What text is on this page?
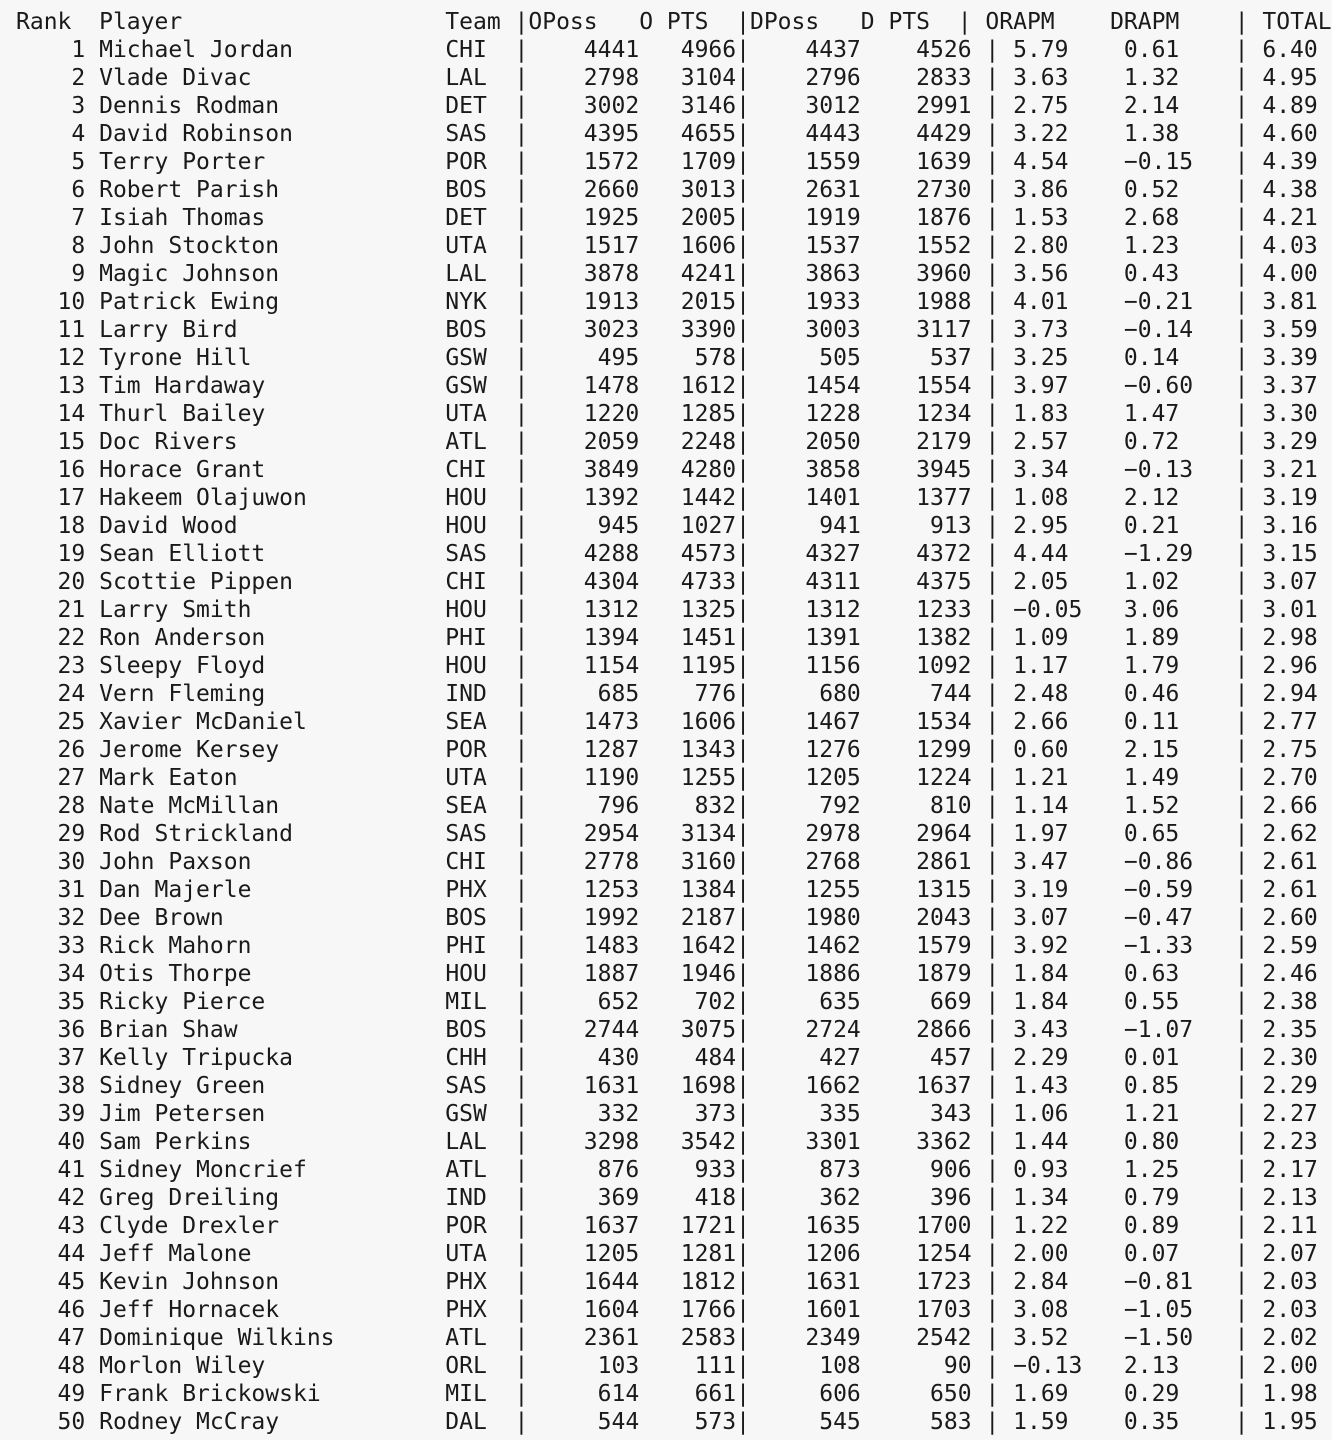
Rank Player	Team |OPoss O PTS  |DPoss D PTS  | ORAPM DRAPM    | TOTAL
1 Michael Jordan	CHI  | 4441 4966| 4437 4526 | 5.79 0.61    | 6.40
2 Vlade Divac	LAL  | 2798 3104| 2796 2833 | 3.63 1.32    | 4.95
3 Dennis Rodman	DET  | 3002 3146| 3012 2991 | 2.75 2.14    | 4.89
4 David Robinson	SAS  | 4395 4655| 4443 4429 | 3.22 1.38    | 4.60
5 Terry Porter	POR  | 1572 1709| 1559 1639 | 4.54 −0.15   | 4.39
6 Robert Parish	BOS  | 2660 3013| 2631 2730 | 3.86 0.52    | 4.38
7 Isiah Thomas	DET  | 1925 2005| 1919 1876 | 1.53 2.68    | 4.21
8 John Stockton	UTA  | 1517 1606| 1537 1552 | 2.80 1.23    | 4.03
9 Magic Johnson	LAL  | 3878 4241| 3863 3960 | 3.56 0.43    | 4.00
10 Patrick Ewing	NYK  | 1913 2015| 1933 1988 | 4.01 −0.21   | 3.81
11 Larry Bird	BOS  | 3023 3390| 3003 3117 | 3.73 −0.14   | 3.59
12 Tyrone Hill	GSW  |	495 578|	505	537 | 3.25 0.14    | 3.39
13 Tim Hardaway	GSW  | 1478 1612| 1454 1554 | 3.97 −0.60   | 3.37
14 Thurl Bailey	UTA  | 1220 1285| 1228 1234 | 1.83 1.47    | 3.30
15 Doc Rivers	ATL  | 2059 2248| 2050 2179 | 2.57 0.72    | 3.29
16 Horace Grant	CHI  | 3849 4280| 3858 3945 | 3.34 −0.13   | 3.21
17 Hakeem Olajuwon	HOU  | 1392 1442| 1401 1377 | 1.08 2.12    | 3.19
18 David Wood	HOU  |	945 1027|	941	913 | 2.95 0.21    | 3.16
19 Sean Elliott	SAS  | 4288 4573| 4327 4372 | 4.44 −1.29   | 3.15
20 Scottie Pippen	CHI  | 4304 4733| 4311 4375 | 2.05 1.02    | 3.07
21 Larry Smith	HOU  | 1312 1325| 1312 1233 | −0.05 3.06    | 3.01
22 Ron Anderson	PHI  | 1394 1451| 1391 1382 | 1.09 1.89    | 2.98
23 Sleepy Floyd	HOU  | 1154 1195| 1156 1092 | 1.17 1.79    | 2.96
24 Vern Fleming	IND  |	685 776|	680	744 | 2.48 0.46    | 2.94
25 Xavier McDaniel	SEA  | 1473 1606| 1467 1534 | 2.66 0.11    | 2.77
26 Jerome Kersey	POR  | 1287 1343| 1276 1299 | 0.60 2.15    | 2.75
27 Mark Eaton	UTA  | 1190 1255| 1205 1224 | 1.21 1.49    | 2.70
28 Nate McMillan	SEA  |	796 832|	792	810 | 1.14 1.52    | 2.66
29 Rod Strickland	SAS  | 2954 3134| 2978 2964 | 1.97 0.65    | 2.62
30 John Paxson	CHI  | 2778 3160| 2768 2861 | 3.47 −0.86   | 2.61
31 Dan Majerle	PHX  | 1253 1384| 1255 1315 | 3.19 −0.59   | 2.61
32 Dee Brown	BOS  | 1992 2187| 1980 2043 | 3.07 −0.47   | 2.60
33 Rick Mahorn	PHI  | 1483 1642| 1462 1579 | 3.92 −1.33   | 2.59
34 Otis Thorpe	HOU  | 1887 1946| 1886 1879 | 1.84 0.63    | 2.46
35 Ricky Pierce	MIL  |	652 702|	635	669 | 1.84 0.55    | 2.38
36 Brian Shaw	BOS  | 2744 3075| 2724 2866 | 3.43 −1.07   | 2.35
37 Kelly Tripucka	CHH  |	430 484|	427	457 | 2.29 0.01    | 2.30
38 Sidney Green	SAS  | 1631 1698| 1662 1637 | 1.43 0.85    | 2.29
39 Jim Petersen	GSW  |	332 373|	335	343 | 1.06 1.21    | 2.27
40 Sam Perkins	LAL  | 3298 3542| 3301 3362 | 1.44 0.80    | 2.23
41 Sidney Moncrief	ATL  |	876 933|	873	906 | 0.93 1.25    | 2.17
42 Greg Dreiling	IND  |	369 418|	362	396 | 1.34 0.79    | 2.13
43 Clyde Drexler	POR  | 1637 1721| 1635 1700 | 1.22 0.89    | 2.11
44 Jeff Malone	UTA  | 1205 1281| 1206 1254 | 2.00 0.07    | 2.07
45 Kevin Johnson	PHX  | 1644 1812| 1631 1723 | 2.84 −0.81   | 2.03
46 Jeff Hornacek	PHX  | 1604 1766| 1601 1703 | 3.08 −1.05   | 2.03
47 Dominique Wilkins	ATL  | 2361 2583| 2349 2542 | 3.52 −1.50   | 2.02
48 Morlon Wiley	ORL  |	103 111|	108	90 | −0.13 2.13    | 2.00
49 Frank Brickowski	MIL  |	614 661|	606	650 | 1.69 0.29    | 1.98
50 Rodney McCray	DAL  |	544 573|	545	583 | 1.59 0.35    | 1.95
